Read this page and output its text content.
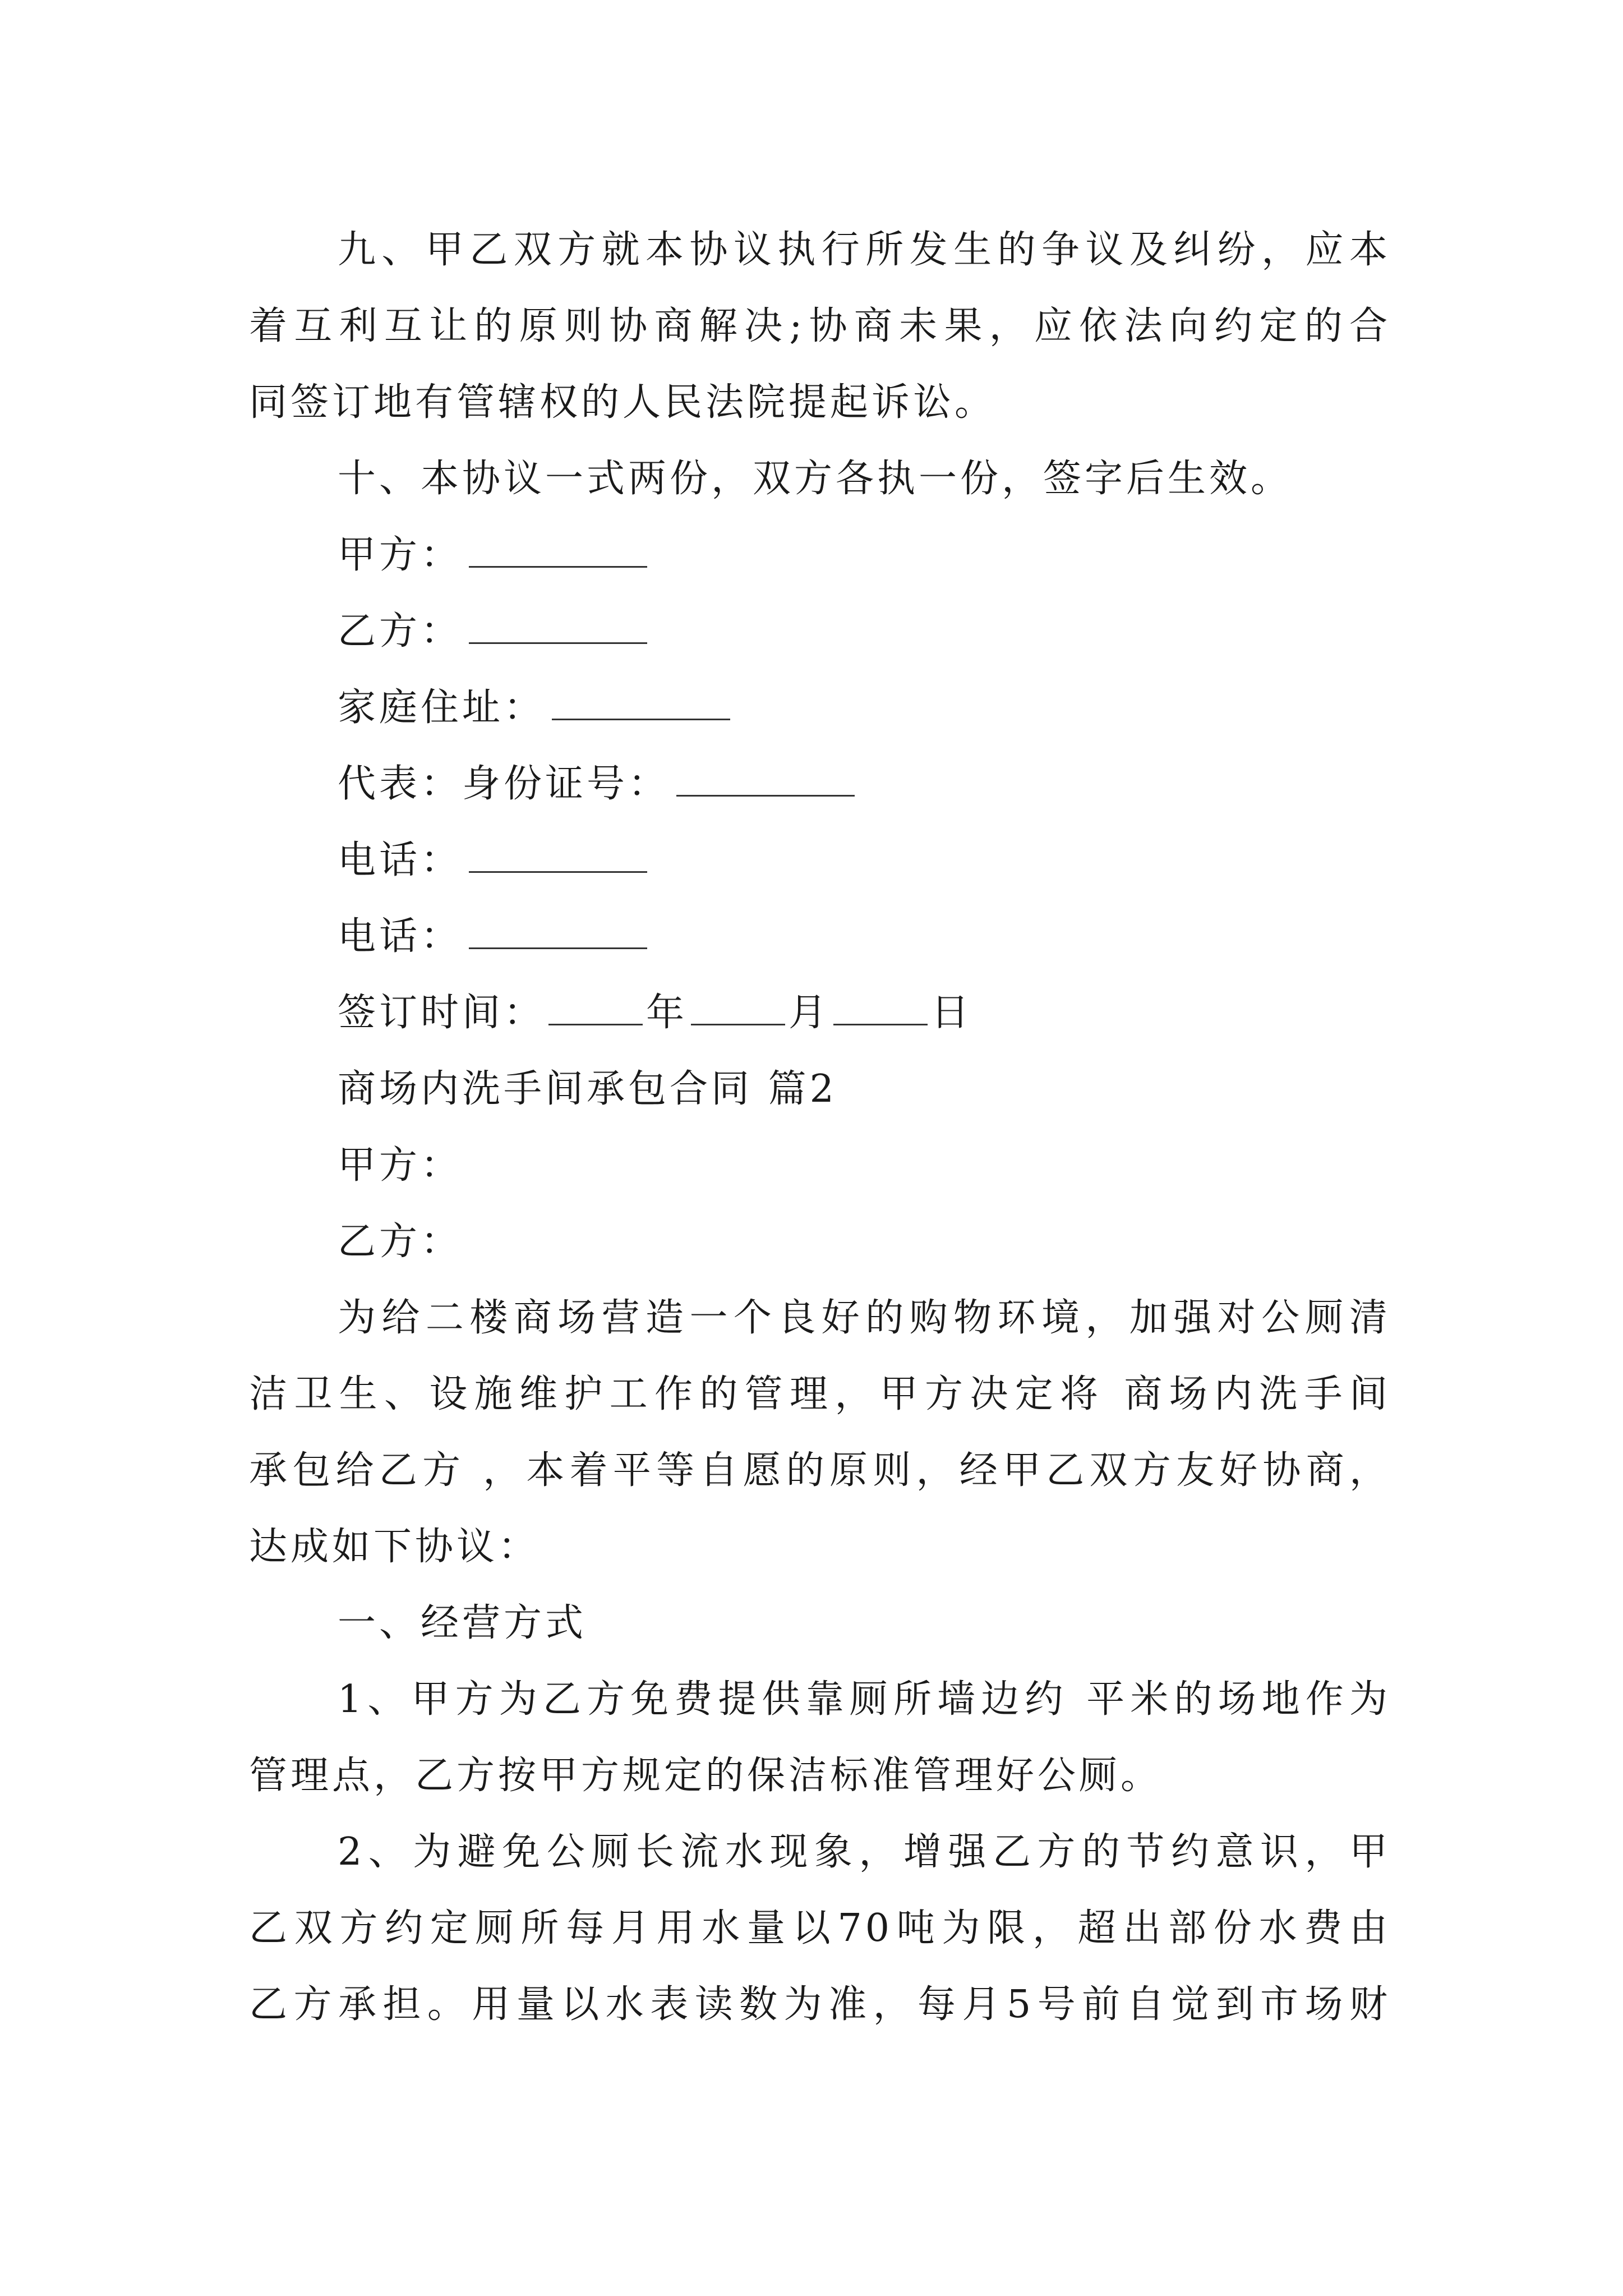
九、甲乙双方就本协议执行所发生的争议及纠纷，应本
着互利互让的原则协商解决;协商未果，应依法向约定的合
同签订地有管辖权的人民法院提起诉讼。
十、本协议一式两份，双方各执一份，签字后生效。
甲方：
乙方：
家庭住址：
代表：身份证号：
电话：
电话：
签订时间：	年	月	日
商场内洗手间承包合同 篇2
甲方：
乙方：
为给二楼商场营造一个良好的购物环境，加强对公厕清
洁卫生、设施维护工作的管理，甲方决定将 商场内洗手间
承包给乙方 ，本着平等自愿的原则，经甲乙双方友好协商，
达成如下协议：
一、经营方式
1、甲方为乙方免费提供靠厕所墙边约 平米的场地作为
管理点，乙方按甲方规定的保洁标准管理好公厕。
2、为避免公厕长流水现象，增强乙方的节约意识，甲
乙双方约定厕所每月用水量以70吨为限，超出部份水费由
乙方承担。用量以水表读数为准，每月5号前自觉到市场财
